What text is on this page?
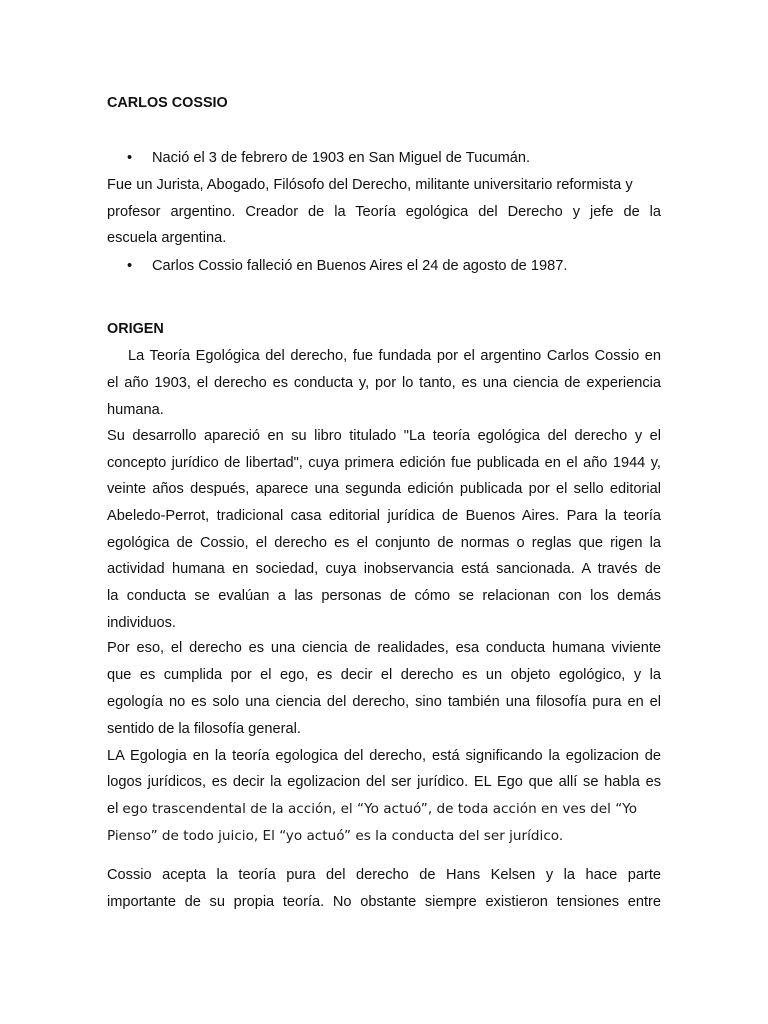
CARLOS COSSIO
• Nació el 3 de febrero de 1903 en San Miguel de Tucumán.
Fue un Jurista, Abogado, Filósofo del Derecho, militante universitario reformista y
profesor argentino. Creador de la Teoría egológica del Derecho y jefe de la
escuela argentina.
• Carlos Cossio falleció en Buenos Aires el 24 de agosto de 1987.
ORIGEN
La Teoría Egológica del derecho, fue fundada por el argentino Carlos Cossio en
el año 1903, el derecho es conducta y, por lo tanto, es una ciencia de experiencia
humana.
Su desarrollo apareció en su libro titulado "La teoría egológica del derecho y el
concepto jurídico de libertad", cuya primera edición fue publicada en el año 1944 y,
veinte años después, aparece una segunda edición publicada por el sello editorial
Abeledo-Perrot, tradicional casa editorial jurídica de Buenos Aires. Para la teoría
egológica de Cossio, el derecho es el conjunto de normas o reglas que rigen la
actividad humana en sociedad, cuya inobservancia está sancionada. A través de
la conducta se evalúan a las personas de cómo se relacionan con los demás
individuos.
Por eso, el derecho es una ciencia de realidades, esa conducta humana viviente
que es cumplida por el ego, es decir el derecho es un objeto egológico, y la
egología no es solo una ciencia del derecho, sino también una filosofía pura en el
sentido de la filosofía general.
LA Egologia en la teoría egologica del derecho, está significando la egolizacion de
logos jurídicos, es decir la egolizacion del ser jurídico. EL Ego que allí se habla es
el ego trascendental de la acción, el “Yo actuó”, de toda acción en ves del “Yo
Pienso” de todo juicio, El “yo actuó” es la conducta del ser jurídico.
Cossio acepta la teoría pura del derecho de Hans Kelsen y la hace parte
importante de su propia teoría. No obstante siempre existieron tensiones entre
